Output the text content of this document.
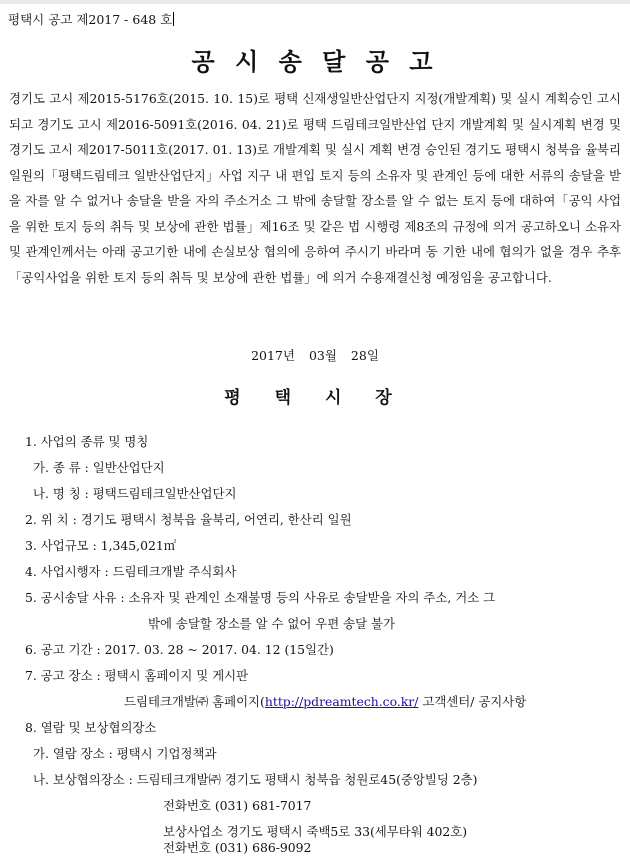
평택시 공고 제2017 - 648 호
공 시 송 달 공 고
경기도 고시 제2015-5176호(2015. 10. 15)로 평택 신재생일반산업단지 지정(개발계획) 및 실시 계획승인 고시되고 경기도 고시 제2016-5091호(2016. 04. 21)로 평택 드림테크일반산업 단지 개발계획 및 실시계획 변경 및 경기도 고시 제2017-5011호(2017. 01. 13)로 개발계획 및 실시 계획 변경 승인된 경기도 평택시 청북읍 율북리 일원의「평택드림테크 일반산업단지」사업 지구 내 편입 토지 등의 소유자 및 관계인 등에 대한 서류의 송달을 받을 자를 알 수 없거나 송달을 받을 자의 주소거소 그 밖에 송달할 장소를 알 수 없는 토지 등에 대하여「공익 사업을 위한 토지 등의 취득 및 보상에 관한 법률」제16조 및 같은 법 시행령 제8조의 규정에 의거 공고하오니 소유자 및 관계인께서는 아래 공고기한 내에 손실보상 협의에 응하여 주시기 바라며 동 기한 내에 협의가 없을 경우 추후「공익사업을 위한 토지 등의 취득 및 보상에 관한 법률」에 의거 수용재결신청 예정임을 공고합니다.
2017년 03월 28일
평 택 시 장
1. 사업의 종류 및 명칭
가. 종 류 : 일반산업단지
나. 명 칭 : 평택드림테크일반산업단지
2. 위 치 : 경기도 평택시 청북읍 율북리, 어연리, 한산리 일원
3. 사업규모 : 1,345,021㎡
4. 사업시행자 : 드림테크개발 주식회사
5. 공시송달 사유 : 소유자 및 관계인 소재불명 등의 사유로 송달받을 자의 주소, 거소 그
밖에 송달할 장소를 알 수 없어 우편 송달 불가
6. 공고 기간 : 2017. 03. 28 ~ 2017. 04. 12 (15일간)
7. 공고 장소 : 평택시 홈페이지 및 게시판
드림테크개발㈜ 홈페이지(http://pdreamtech.co.kr/ 고객센터/ 공지사항
8. 열람 및 보상협의장소
가. 열람 장소 : 평택시 기업정책과
나. 보상협의장소 : 드림테크개발㈜ 경기도 평택시 청북읍 청원로45(중앙빌딩 2층)
전화번호 (031) 681-7017
보상사업소 경기도 평택시 죽백5로 33(세무타워 402호)
전화번호 (031) 686-9092
